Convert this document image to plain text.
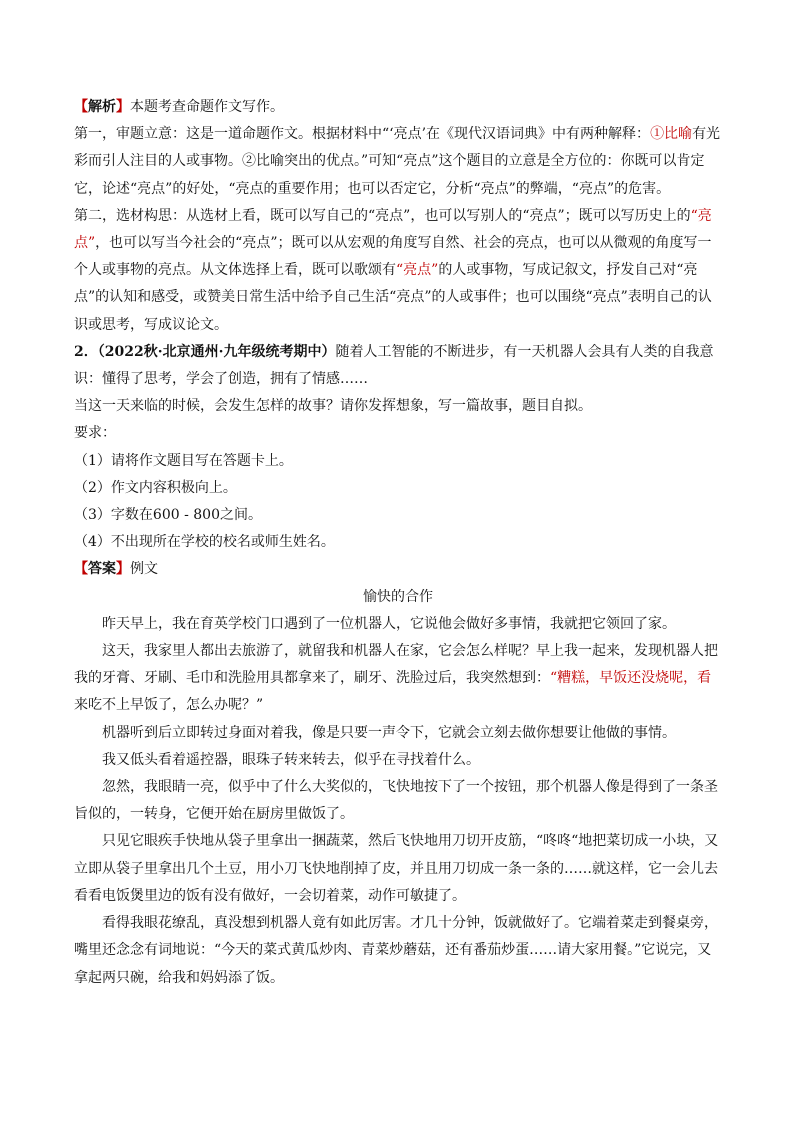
【解析】本题考查命题作文写作。

第一，审题立意：这是一道命题作文。根据材料中“‘亮点’在《现代汉语词典》中有两种解释：①比喻有光彩而引人注目的人或事物。②比喻突出的优点。”可知“亮点”这个题目的立意是全方位的：你既可以肯定它，论述“亮点”的好处，“亮点的重要作用；也可以否定它，分析“亮点”的弊端，“亮点”的危害。

第二，选材构思：从选材上看，既可以写自己的“亮点”，也可以写别人的“亮点”；既可以写历史上的“亮点”，也可以写当今社会的“亮点”；既可以从宏观的角度写自然、社会的亮点，也可以从微观的角度写一个人或事物的亮点。从文体选择上看，既可以歌颂有“亮点”的人或事物，写成记叙文，抒发自己对“亮点”的认知和感受，或赞美日常生活中给予自己生活“亮点”的人或事件；也可以围绕“亮点”表明自己的认识或思考，写成议论文。

2．（2022秋·北京通州·九年级统考期中）随着人工智能的不断进步，有一天机器人会具有人类的自我意识：懂得了思考，学会了创造，拥有了情感……

当这一天来临的时候，会发生怎样的故事？请你发挥想象，写一篇故事，题目自拟。

要求：

（1）请将作文题目写在答题卡上。

（2）作文内容积极向上。

（3）字数在600 - 800之间。

（4）不出现所在学校的校名或师生姓名。

【答案】例文

愉快的合作

昨天早上，我在育英学校门口遇到了一位机器人，它说他会做好多事情，我就把它领回了家。

这天，我家里人都出去旅游了，就留我和机器人在家，它会怎么样呢？早上我一起来，发现机器人把我的牙膏、牙刷、毛巾和洗脸用具都拿来了，刷牙、洗脸过后，我突然想到：“糟糕，早饭还没烧呢，看来吃不上早饭了，怎么办呢？”

机器听到后立即转过身面对着我，像是只要一声令下，它就会立刻去做你想要让他做的事情。

我又低头看着遥控器，眼珠子转来转去，似乎在寻找着什么。

忽然，我眼睛一亮，似乎中了什么大奖似的，飞快地按下了一个按钮，那个机器人像是得到了一条圣旨似的，一转身，它便开始在厨房里做饭了。

只见它眼疾手快地从袋子里拿出一捆蔬菜，然后飞快地用刀切开皮筋，“咚咚“地把菜切成一小块，又立即从袋子里拿出几个土豆，用小刀飞快地削掉了皮，并且用刀切成一条一条的……就这样，它一会儿去看看电饭煲里边的饭有没有做好，一会切着菜，动作可敏捷了。

看得我眼花缭乱，真没想到机器人竟有如此厉害。才几十分钟，饭就做好了。它端着菜走到餐桌旁，嘴里还念念有词地说：“今天的菜式黄瓜炒肉、青菜炒蘑菇，还有番茄炒蛋……请大家用餐。”它说完，又拿起两只碗，给我和妈妈添了饭。
